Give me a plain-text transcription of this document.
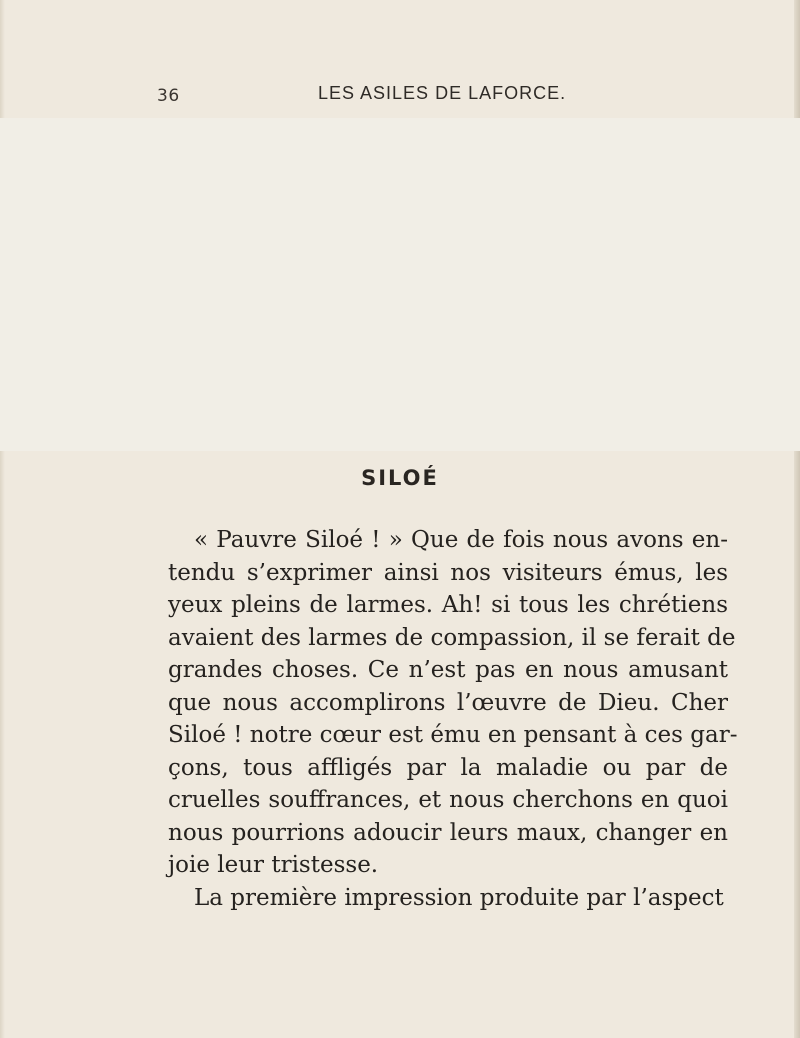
36	LES ASILES DE LAFORCE.
SILOÉ
« Pauvre Siloé ! » Que de fois nous avons en-
tendu s’exprimer ainsi nos visiteurs émus, les
yeux pleins de larmes. Ah! si tous les chrétiens
avaient des larmes de compassion, il se ferait de
grandes choses. Ce n’est pas en nous amusant
que nous accomplirons l’œuvre de Dieu. Cher
Siloé ! notre cœur est ému en pensant à ces gar-
çons, tous affligés par la maladie ou par de
cruelles souffrances, et nous cherchons en quoi
nous pourrions adoucir leurs maux, changer en
joie leur tristesse.
La première impression produite par l’aspect
